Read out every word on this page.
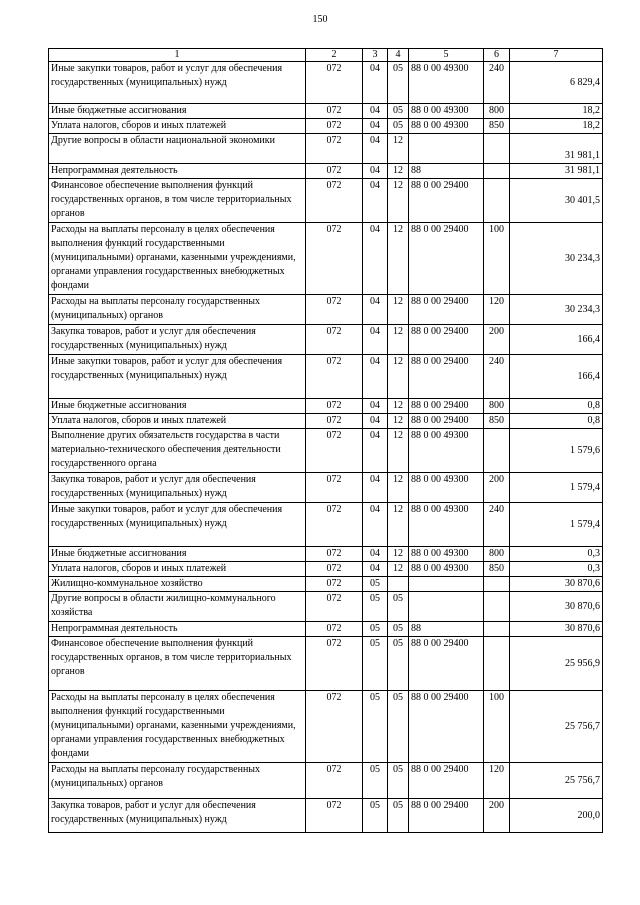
150
1	2	3	4	5	6	7
Иные закупки товаров, работ и услуг для обеспечения государственных (муниципальных) нужд	072	04	05	88 0 00 49300	240	6 829,4
Иные бюджетные ассигнования	072	04	05	88 0 00 49300	800	18,2
Уплата налогов, сборов и иных платежей	072	04	05	88 0 00 49300	850	18,2
Другие вопросы в области национальной экономики	072	04	12			31 981,1
Непрограммная деятельность	072	04	12	88		31 981,1
Финансовое обеспечение выполнения функций государственных органов, в том числе территориальных органов	072	04	12	88 0 00 29400		30 401,5
Расходы на выплаты персоналу в целях обеспечения выполнения функций государственными (муниципальными) органами, казенными учреждениями, органами управления государственных внебюджетных фондами	072	04	12	88 0 00 29400	100	30 234,3
Расходы на выплаты персоналу государственных (муниципальных) органов	072	04	12	88 0 00 29400	120	30 234,3
Закупка товаров, работ и услуг для обеспечения государственных (муниципальных) нужд	072	04	12	88 0 00 29400	200	166,4
Иные закупки товаров, работ и услуг для обеспечения государственных (муниципальных) нужд	072	04	12	88 0 00 29400	240	166,4
Иные бюджетные ассигнования	072	04	12	88 0 00 29400	800	0,8
Уплата налогов, сборов и иных платежей	072	04	12	88 0 00 29400	850	0,8
Выполнение других обязательств государства в части материально-технического обеспечения деятельности государственного органа	072	04	12	88 0 00 49300		1 579,6
Закупка товаров, работ и услуг для обеспечения государственных (муниципальных) нужд	072	04	12	88 0 00 49300	200	1 579,4
Иные закупки товаров, работ и услуг для обеспечения государственных (муниципальных) нужд	072	04	12	88 0 00 49300	240	1 579,4
Иные бюджетные ассигнования	072	04	12	88 0 00 49300	800	0,3
Уплата налогов, сборов и иных платежей	072	04	12	88 0 00 49300	850	0,3
Жилищно-коммунальное хозяйство	072	05				30 870,6
Другие вопросы в области жилищно-коммунального хозяйства	072	05	05			30 870,6
Непрограммная деятельность	072	05	05	88		30 870,6
Финансовое обеспечение выполнения функций государственных органов, в том числе территориальных органов	072	05	05	88 0 00 29400		25 956,9
Расходы на выплаты персоналу в целях обеспечения выполнения функций государственными (муниципальными) органами, казенными учреждениями, органами управления государственных внебюджетных фондами	072	05	05	88 0 00 29400	100	25 756,7
Расходы на выплаты персоналу государственных (муниципальных) органов	072	05	05	88 0 00 29400	120	25 756,7
Закупка товаров, работ и услуг для обеспечения государственных (муниципальных) нужд	072	05	05	88 0 00 29400	200	200,0
